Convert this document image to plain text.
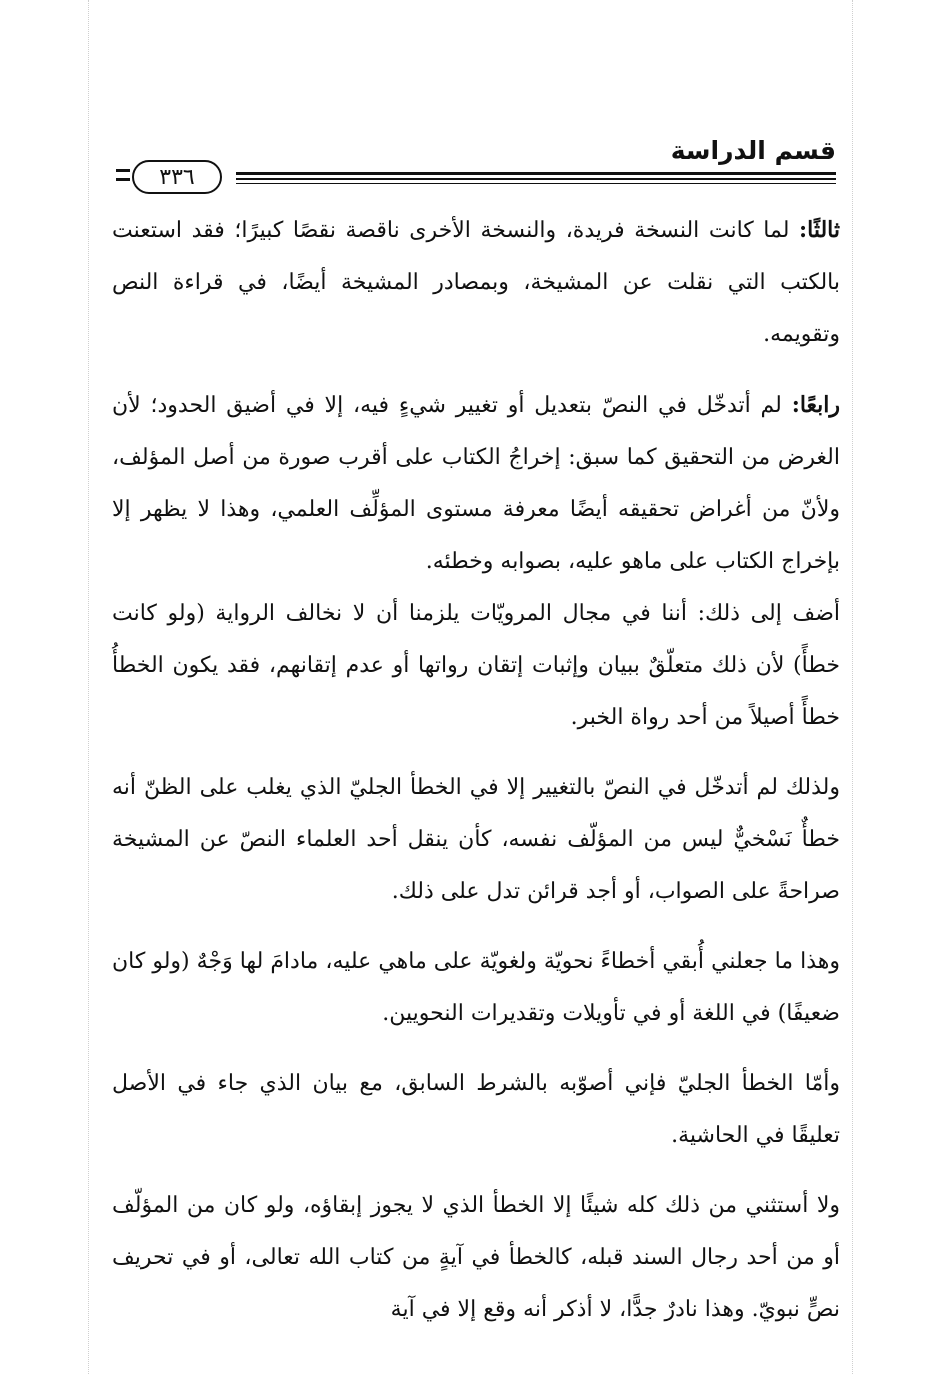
قسم الدراسة
٣٣٦

ثالثًا: لما كانت النسخة فريدة، والنسخة الأخرى ناقصة نقصًا كبيرًا؛ فقد استعنت بالكتب التي نقلت عن المشيخة، وبمصادر المشيخة أيضًا، في قراءة النص وتقويمه.

رابعًا: لم أتدخّل في النصّ بتعديل أو تغيير شيءٍ فيه، إلا في أضيق الحدود؛ لأن الغرض من التحقيق كما سبق: إخراجُ الكتاب على أقرب صورة من أصل المؤلف، ولأنّ من أغراض تحقيقه أيضًا معرفة مستوى المؤلِّف العلمي، وهذا لا يظهر إلا بإخراج الكتاب على ماهو عليه، بصوابه وخطئه.

أضف إلى ذلك: أننا في مجال المرويّات يلزمنا أن لا نخالف الرواية (ولو كانت خطأً) لأن ذلك متعلّقٌ ببيان وإثبات إتقان رواتها أو عدم إتقانهم، فقد يكون الخطأُ خطأً أصيلاً من أحد رواة الخبر.

ولذلك لم أتدخّل في النصّ بالتغيير إلا في الخطأ الجليّ الذي يغلب على الظنّ أنه خطأٌ نَسْخيٌّ ليس من المؤلّف نفسه، كأن ينقل أحد العلماء النصّ عن المشيخة صراحةً على الصواب، أو أجد قرائن تدل على ذلك.

وهذا ما جعلني أُبقي أخطاءً نحويّة ولغويّة على ماهي عليه، مادامَ لها وَجْهٌ (ولو كان ضعيفًا) في اللغة أو في تأويلات وتقديرات النحويين.

وأمّا الخطأ الجليّ فإني أصوّبه بالشرط السابق، مع بيان الذي جاء في الأصل تعليقًا في الحاشية.

ولا أستثني من ذلك كله شيئًا إلا الخطأ الذي لا يجوز إبقاؤه، ولو كان من المؤلّف أو من أحد رجال السند قبله، كالخطأ في آيةٍ من كتاب الله تعالى، أو في تحريف نصٍّ نبويّ. وهذا نادرٌ جدًّا، لا أذكر أنه وقع إلا في آية
